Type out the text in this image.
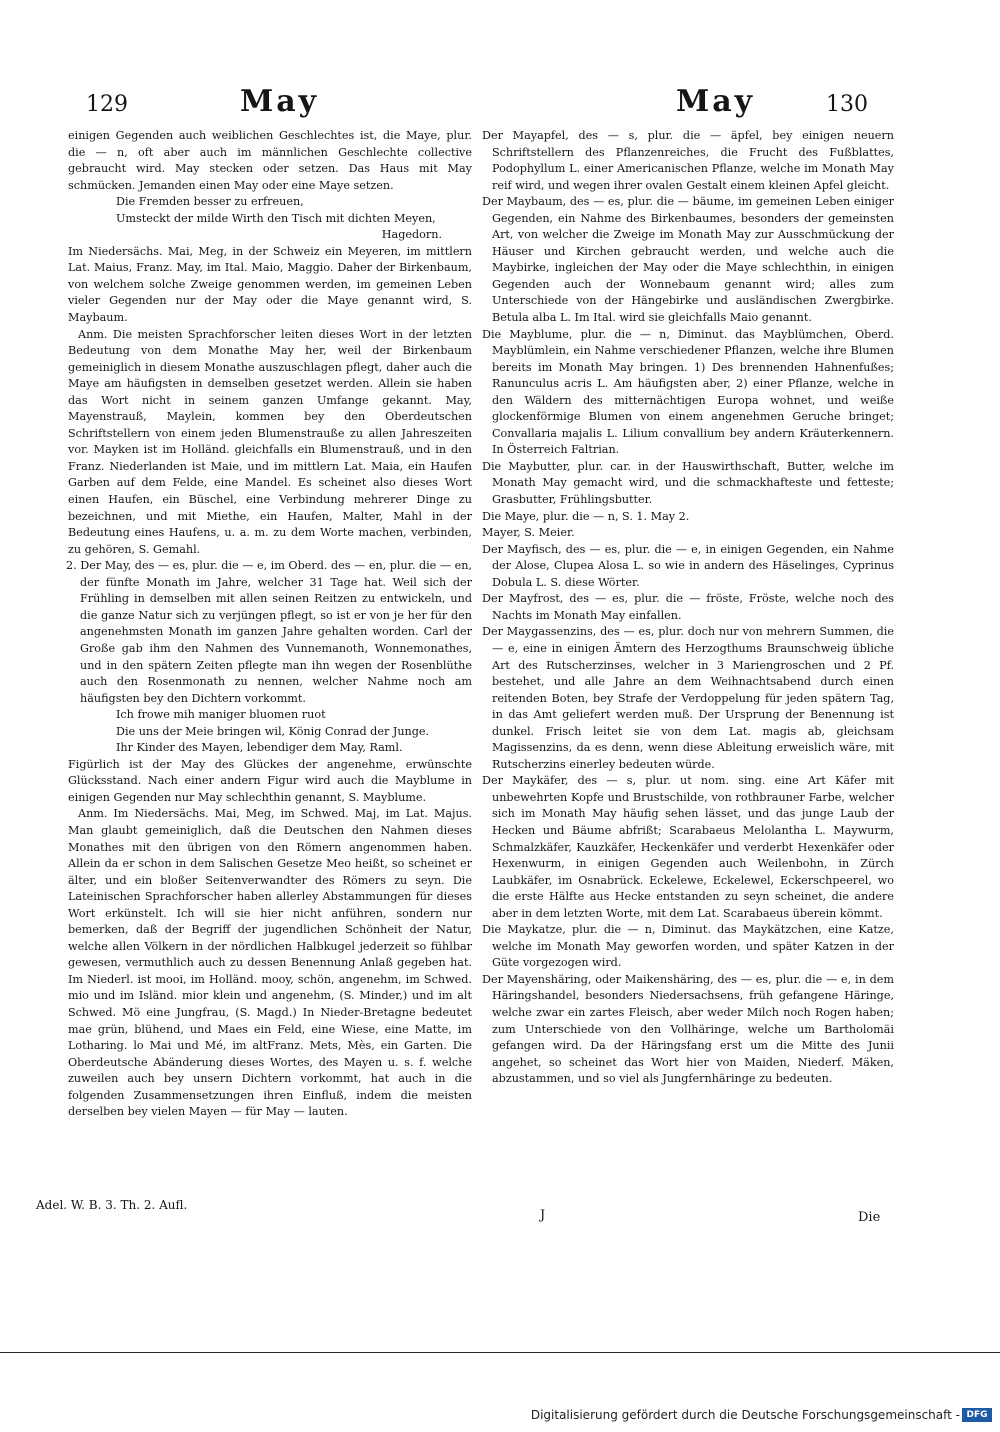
129	May	May	130

einigen Gegenden auch weiblichen Geschlechtes ist, die Maye, plur. die — n, oft aber auch im männlichen Geschlechte collective gebraucht wird. May stecken oder setzen. Das Haus mit May schmücken. Jemanden einen May oder eine Maye setzen.

Die Fremden besser zu erfreuen,

Umsteckt der milde Wirth den Tisch mit dichten Meyen,

Hagedorn.

Im Niedersächs. Mai, Meg, in der Schweiz ein Meyeren, im mittlern Lat. Maius, Franz. May, im Ital. Maio, Maggio. Daher der Birkenbaum, von welchem solche Zweige genommen werden, im gemeinen Leben vieler Gegenden nur der May oder die Maye genannt wird, S. Maybaum.

Anm. Die meisten Sprachforscher leiten dieses Wort in der letzten Bedeutung von dem Monathe May her, weil der Birkenbaum gemeiniglich in diesem Monathe auszuschlagen pflegt, daher auch die Maye am häufigsten in demselben gesetzet werden. Allein sie haben das Wort nicht in seinem ganzen Umfange gekannt. May, Mayenstrauß, Maylein, kommen bey den Oberdeutschen Schriftstellern von einem jeden Blumenstrauße zu allen Jahreszeiten vor. Mayken ist im Holländ. gleichfalls ein Blumenstrauß, und in den Franz. Niederlanden ist Maie, und im mittlern Lat. Maia, ein Haufen Garben auf dem Felde, eine Mandel. Es scheinet also dieses Wort einen Haufen, ein Büschel, eine Verbindung mehrerer Dinge zu bezeichnen, und mit Miethe, ein Haufen, Malter, Mahl in der Bedeutung eines Haufens, u. a. m. zu dem Worte machen, verbinden, zu gehören, S. Gemahl.

2. Der May, des — es, plur. die — e, im Oberd. des — en, plur. die — en, der fünfte Monath im Jahre, welcher 31 Tage hat. Weil sich der Frühling in demselben mit allen seinen Reitzen zu entwickeln, und die ganze Natur sich zu verjüngen pflegt, so ist er von je her für den angenehmsten Monath im ganzen Jahre gehalten worden. Carl der Große gab ihm den Nahmen des Vunnemanoth, Wonnemonathes, und in den spätern Zeiten pflegte man ihn wegen der Rosenblüthe auch den Rosenmonath zu nennen, welcher Nahme noch am häufigsten bey den Dichtern vorkommt.

Ich frowe mih maniger bluomen ruot

Die uns der Meie bringen wil, König Conrad der Junge.

Ihr Kinder des Mayen, lebendiger dem May, Raml.

Figürlich ist der May des Glückes der angenehme, erwünschte Glücksstand. Nach einer andern Figur wird auch die Mayblume in einigen Gegenden nur May schlechthin genannt, S. Mayblume.

Anm. Im Niedersächs. Mai, Meg, im Schwed. Maj, im Lat. Majus. Man glaubt gemeiniglich, daß die Deutschen den Nahmen dieses Monathes mit den übrigen von den Römern angenommen haben. Allein da er schon in dem Salischen Gesetze Meo heißt, so scheinet er älter, und ein bloßer Seitenverwandter des Römers zu seyn. Die Lateinischen Sprachforscher haben allerley Abstammungen für dieses Wort erkünstelt. Ich will sie hier nicht anführen, sondern nur bemerken, daß der Begriff der jugendlichen Schönheit der Natur, welche allen Völkern in der nördlichen Halbkugel jederzeit so fühlbar gewesen, vermuthlich auch zu dessen Benennung Anlaß gegeben hat. Im Niederl. ist mooi, im Holländ. mooy, schön, angenehm, im Schwed. mio und im Isländ. mior klein und angenehm, (S. Minder,) und im alt Schwed. Mö eine Jungfrau, (S. Magd.) In Nieder-Bretagne bedeutet mae grün, blühend, und Maes ein Feld, eine Wiese, eine Matte, im Lotharing. lo Mai und Mé, im altFranz. Mets, Mès, ein Garten. Die Oberdeutsche Abänderung dieses Wortes, des Mayen u. s. f. welche zuweilen auch bey unsern Dichtern vorkommt, hat auch in die folgenden Zusammensetzungen ihren Einfluß, indem die meisten derselben bey vielen Mayen — für May — lauten.

Der Mayapfel, des — s, plur. die — äpfel, bey einigen neuern Schriftstellern des Pflanzenreiches, die Frucht des Fußblattes, Podophyllum L. einer Americanischen Pflanze, welche im Monath May reif wird, und wegen ihrer ovalen Gestalt einem kleinen Apfel gleicht.

Der Maybaum, des — es, plur. die — bäume, im gemeinen Leben einiger Gegenden, ein Nahme des Birkenbaumes, besonders der gemeinsten Art, von welcher die Zweige im Monath May zur Ausschmückung der Häuser und Kirchen gebraucht werden, und welche auch die Maybirke, ingleichen der May oder die Maye schlechthin, in einigen Gegenden auch der Wonnebaum genannt wird; alles zum Unterschiede von der Hängebirke und ausländischen Zwergbirke. Betula alba L. Im Ital. wird sie gleichfalls Maio genannt.

Die Mayblume, plur. die — n, Diminut. das Mayblümchen, Oberd. Mayblümlein, ein Nahme verschiedener Pflanzen, welche ihre Blumen bereits im Monath May bringen. 1) Des brennenden Hahnenfußes; Ranunculus acris L. Am häufigsten aber, 2) einer Pflanze, welche in den Wäldern des mitternächtigen Europa wohnet, und weiße glockenförmige Blumen von einem angenehmen Geruche bringet; Convallaria majalis L. Lilium convallium bey andern Kräuterkennern. In Österreich Faltrian.

Die Maybutter, plur. car. in der Hauswirthschaft, Butter, welche im Monath May gemacht wird, und die schmackhafteste und fetteste; Grasbutter, Frühlingsbutter.

Die Maye, plur. die — n, S. 1. May 2.

Mayer, S. Meier.

Der Mayfisch, des — es, plur. die — e, in einigen Gegenden, ein Nahme der Alose, Clupea Alosa L. so wie in andern des Häselinges, Cyprinus Dobula L. S. diese Wörter.

Der Mayfrost, des — es, plur. die — fröste, Fröste, welche noch des Nachts im Monath May einfallen.

Der Maygassenzins, des — es, plur. doch nur von mehrern Summen, die — e, eine in einigen Ämtern des Herzogthums Braunschweig übliche Art des Rutscherzinses, welcher in 3 Mariengroschen und 2 Pf. bestehet, und alle Jahre an dem Weihnachtsabend durch einen reitenden Boten, bey Strafe der Verdoppelung für jeden spätern Tag, in das Amt geliefert werden muß. Der Ursprung der Benennung ist dunkel. Frisch leitet sie von dem Lat. magis ab, gleichsam Magissenzins, da es denn, wenn diese Ableitung erweislich wäre, mit Rutscherzins einerley bedeuten würde.

Der Maykäfer, des — s, plur. ut nom. sing. eine Art Käfer mit unbewehrten Kopfe und Brustschilde, von rothbrauner Farbe, welcher sich im Monath May häufig sehen lässet, und das junge Laub der Hecken und Bäume abfrißt; Scarabaeus Melolantha L. Maywurm, Schmalzkäfer, Kauzkäfer, Heckenkäfer und verderbt Hexenkäfer oder Hexenwurm, in einigen Gegenden auch Weilenbohn, in Zürch Laubkäfer, im Osnabrück. Eckelewe, Eckelewel, Eckerschpeerel, wo die erste Hälfte aus Hecke entstanden zu seyn scheinet, die andere aber in dem letzten Worte, mit dem Lat. Scarabaeus überein kömmt.

Die Maykatze, plur. die — n, Diminut. das Maykätzchen, eine Katze, welche im Monath May geworfen worden, und später Katzen in der Güte vorgezogen wird.

Der Mayenshäring, oder Maikenshäring, des — es, plur. die — e, in dem Häringshandel, besonders Niedersachsens, früh gefangene Häringe, welche zwar ein zartes Fleisch, aber weder Milch noch Rogen haben; zum Unterschiede von den Vollhäringe, welche um Bartholomäi gefangen wird. Da der Häringsfang erst um die Mitte des Junii angehet, so scheinet das Wort hier von Maiden, Niederf. Mäken, abzustammen, und so viel als Jungfernhäringe zu bedeuten.

Adel. W. B. 3. Th. 2. Aufl.
J	Die
Digitalisierung gefördert durch die Deutsche Forschungsgemeinschaft - DFG
